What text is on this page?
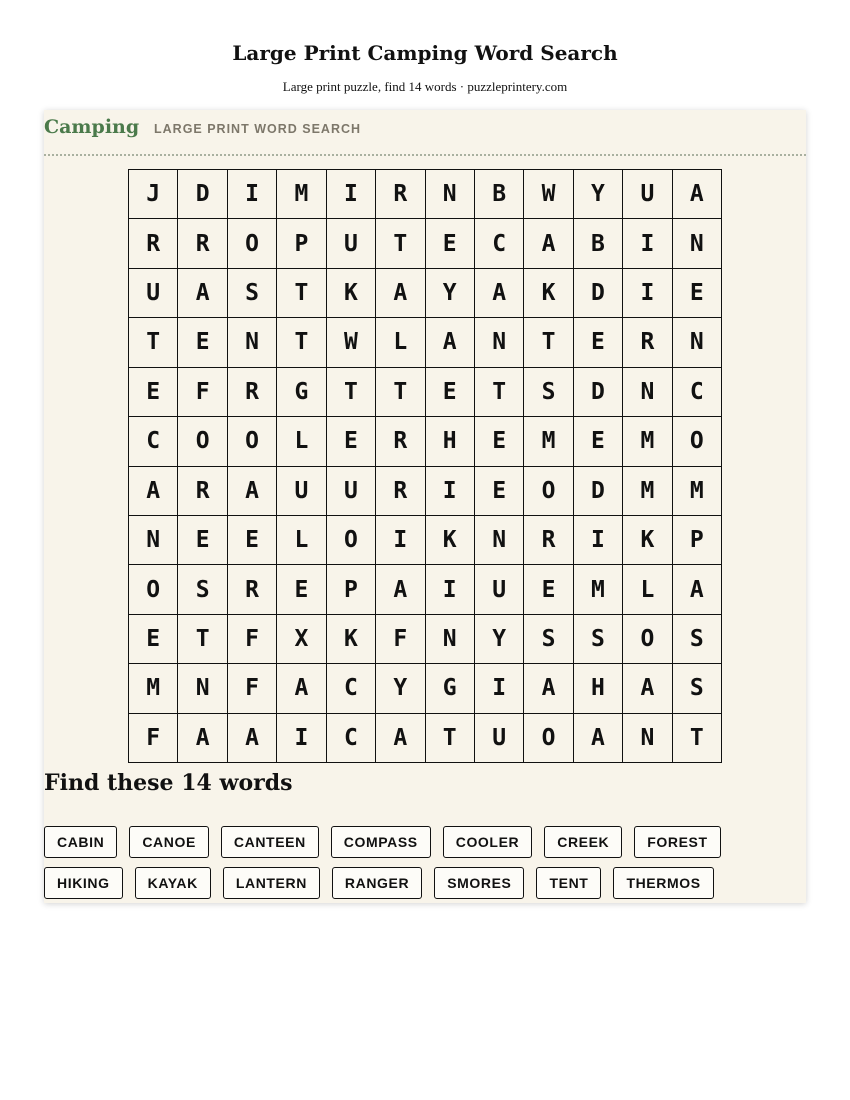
Large Print Camping Word Search
Large print puzzle, find 14 words · puzzleprintery.com
Camping LARGE PRINT WORD SEARCH
J	D	I	M	I	R	N	B	W	Y	U	A
R	R	O	P	U	T	E	C	A	B	I	N
U	A	S	T	K	A	Y	A	K	D	I	E
T	E	N	T	W	L	A	N	T	E	R	N
E	F	R	G	T	T	E	T	S	D	N	C
C	O	O	L	E	R	H	E	M	E	M	O
A	R	A	U	U	R	I	E	O	D	M	M
N	E	E	L	O	I	K	N	R	I	K	P
O	S	R	E	P	A	I	U	E	M	L	A
E	T	F	X	K	F	N	Y	S	S	O	S
M	N	F	A	C	Y	G	I	A	H	A	S
F	A	A	I	C	A	T	U	O	A	N	T
Find these 14 words
CABIN	CANOE	CANTEEN	COMPASS	COOLER	CREEK	FOREST
HIKING	KAYAK	LANTERN	RANGER	SMORES	TENT	THERMOS
